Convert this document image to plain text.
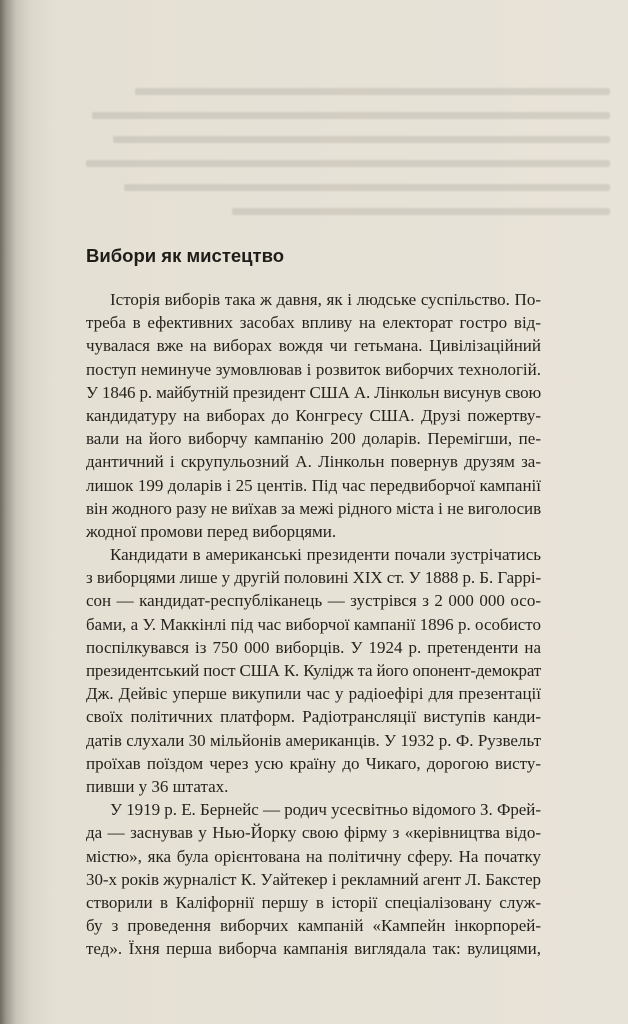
Вибори як мистецтво
Історія виборів така ж давня, як і людське суспільство. По-
треба в ефективних засобах впливу на електорат гостро від-
чувалася вже на виборах вождя чи гетьмана. Цивілізаційний
поступ неминуче зумовлював і розвиток виборчих технологій.
У 1846 р. майбутній президент США А. Лінкольн висунув свою
кандидатуру на виборах до Конгресу США. Друзі пожертву-
вали на його виборчу кампанію 200 доларів. Перемігши, пе-
дантичний і скрупульозний А. Лінкольн повернув друзям за-
лишок 199 доларів і 25 центів. Під час передвиборчої кампанії
він жодного разу не виїхав за межі рідного міста і не виголосив
жодної промови перед виборцями.
Кандидати в американські президенти почали зустрічатись
з виборцями лише у другій половині XIX ст. У 1888 р. Б. Гаррі-
сон — кандидат-республіканець — зустрівся з 2 000 000 осо-
бами, а У. Маккінлі під час виборчої кампанії 1896 р. особисто
поспілкувався із 750 000 виборців. У 1924 р. претенденти на
президентський пост США К. Кулідж та його опонент-демократ
Дж. Дейвіс уперше викупили час у радіоефірі для презентації
своїх політичних платформ. Радіотрансляції виступів канди-
датів слухали 30 мільйонів американців. У 1932 р. Ф. Рузвельт
проїхав поїздом через усю країну до Чикаго, дорогою висту-
пивши у 36 штатах.
У 1919 р. Е. Бернейс — родич усесвітньо відомого З. Фрей-
да — заснував у Нью-Йорку свою фірму з «керівництва відо-
містю», яка була орієнтована на політичну сферу. На початку
30-х років журналіст К. Уайтекер і рекламний агент Л. Бакстер
створили в Каліфорнії першу в історії спеціалізовану служ-
бу з проведення виборчих кампаній «Кампейн інкорпорей-
тед». Їхня перша виборча кампанія виглядала так: вулицями,
